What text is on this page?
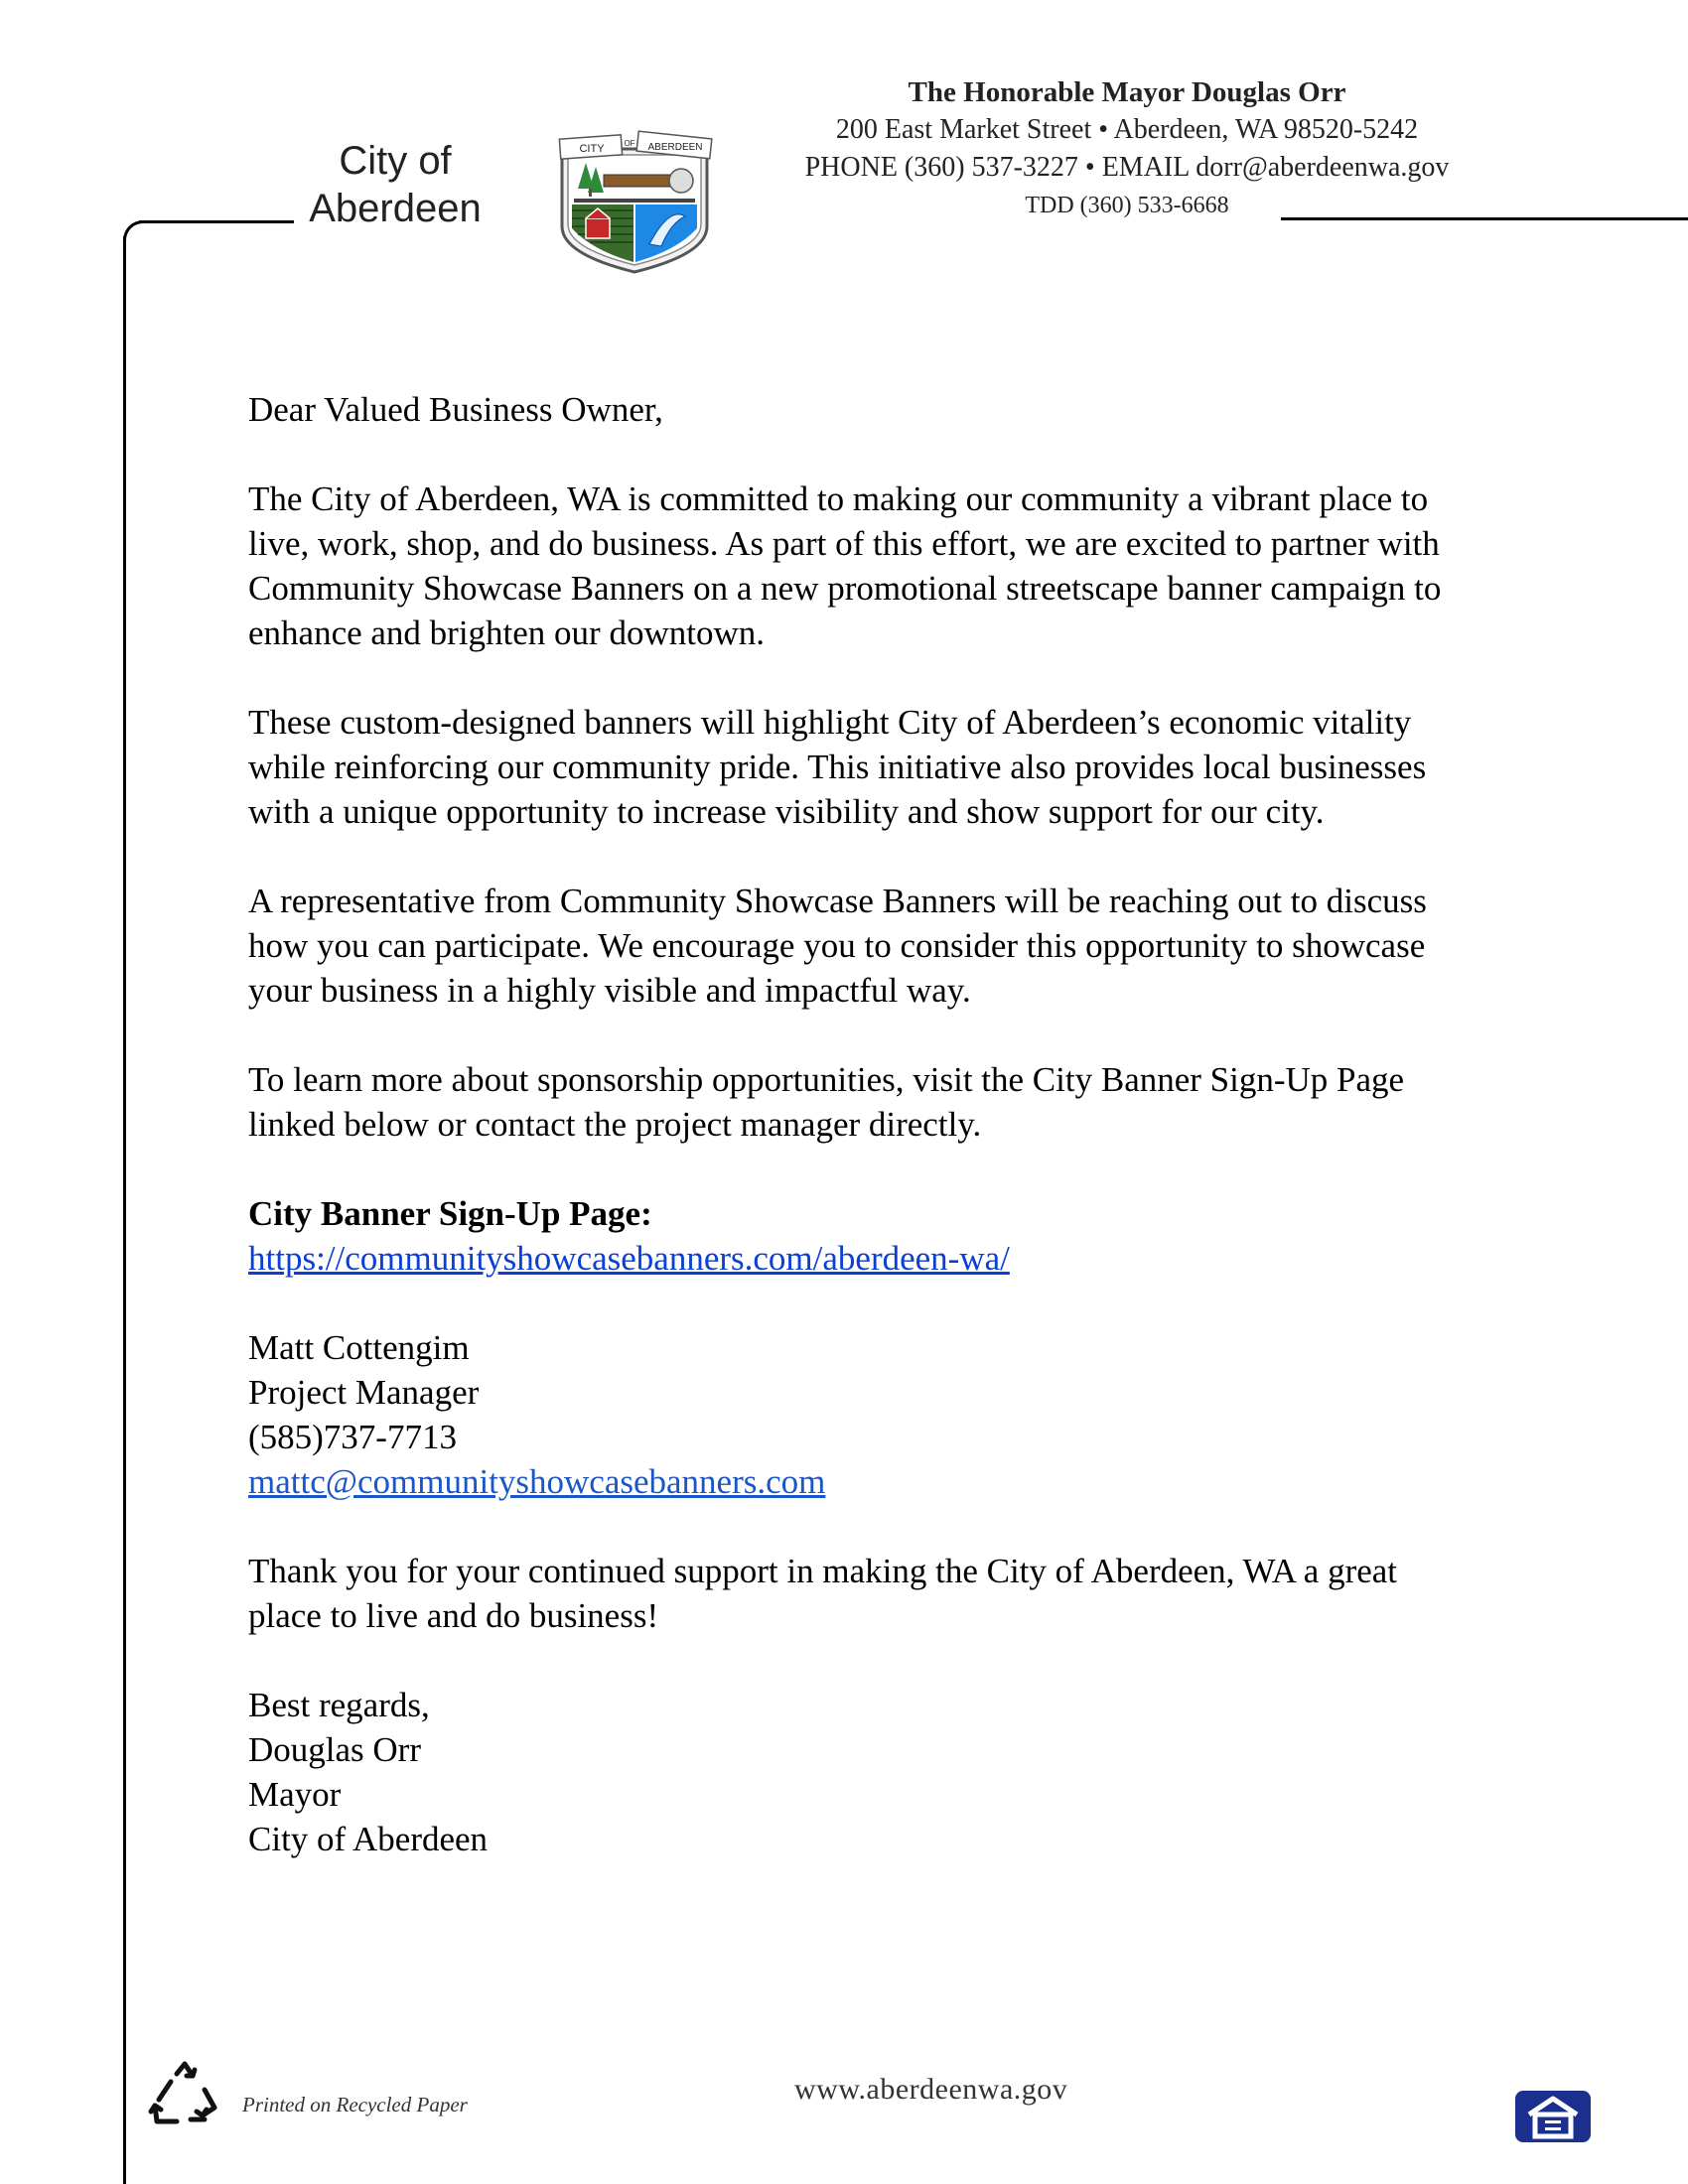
City of
Aberdeen
CITY OF ABERDEEN
The Honorable Mayor Douglas Orr
200 East Market Street • Aberdeen, WA 98520-5242
PHONE (360) 537-3227 • EMAIL dorr@aberdeenwa.gov
TDD (360) 533-6668

Dear Valued Business Owner,

The City of Aberdeen, WA is committed to making our community a vibrant place to
live, work, shop, and do business. As part of this effort, we are excited to partner with
Community Showcase Banners on a new promotional streetscape banner campaign to
enhance and brighten our downtown.

These custom-designed banners will highlight City of Aberdeen’s economic vitality
while reinforcing our community pride. This initiative also provides local businesses
with a unique opportunity to increase visibility and show support for our city.

A representative from Community Showcase Banners will be reaching out to discuss
how you can participate. We encourage you to consider this opportunity to showcase
your business in a highly visible and impactful way.

To learn more about sponsorship opportunities, visit the City Banner Sign-Up Page
linked below or contact the project manager directly.

City Banner Sign-Up Page:
https://communityshowcasebanners.com/aberdeen-wa/

Matt Cottengim
Project Manager
(585)737-7713
mattc@communityshowcasebanners.com

Thank you for your continued support in making the City of Aberdeen, WA a great
place to live and do business!

Best regards,
Douglas Orr
Mayor
City of Aberdeen

Printed on Recycled Paper	www.aberdeenwa.gov
